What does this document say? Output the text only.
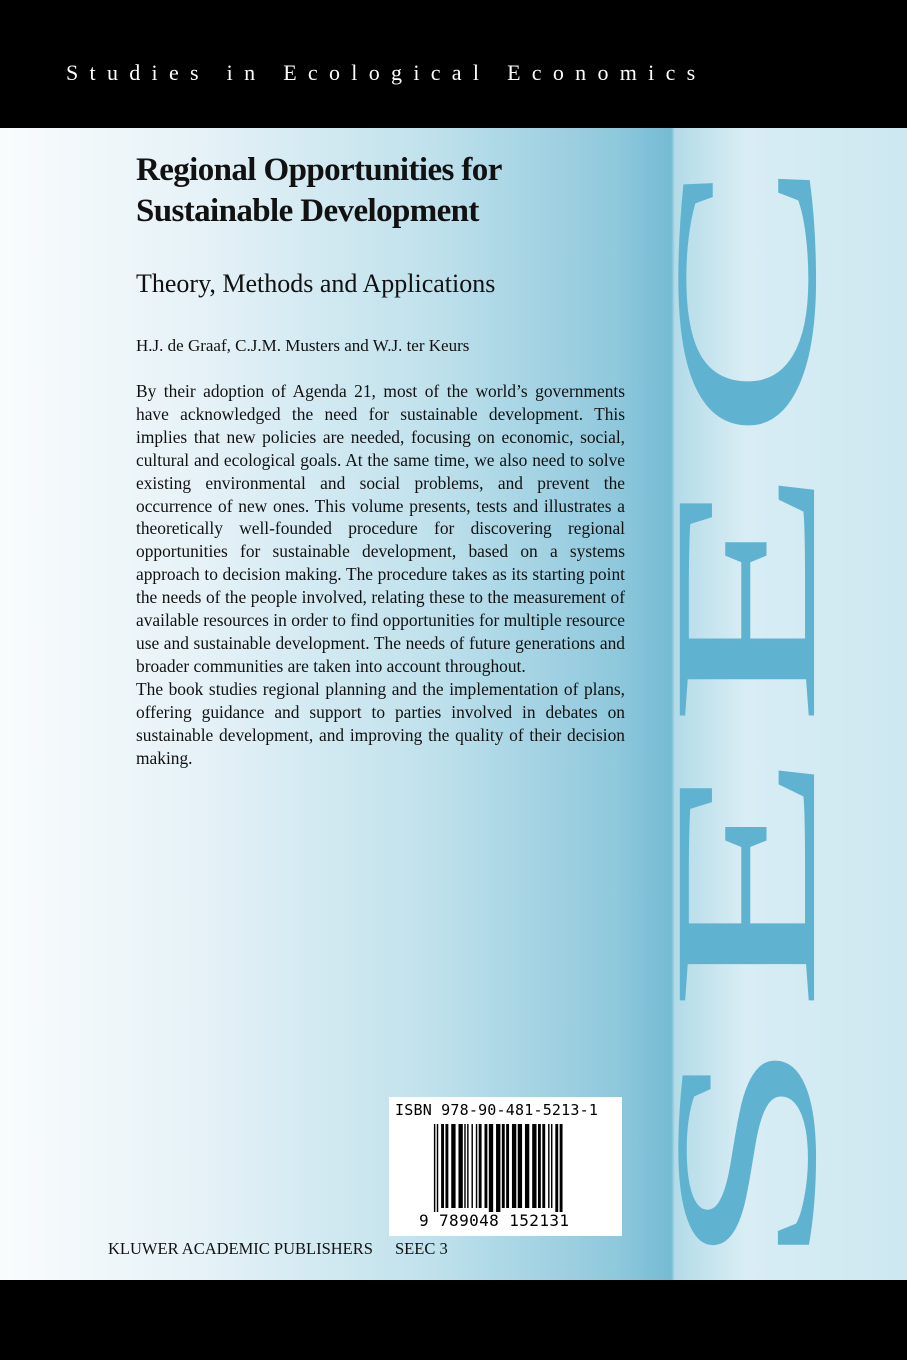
Studies in Ecological Economics
SEEC
Regional Opportunities for
Sustainable Development
Theory, Methods and Applications
H.J. de Graaf, C.J.M. Musters and W.J. ter Keurs

By their adoption of Agenda 21, most of the world’s governments have acknowledged the need for sustainable development. This implies that new policies are needed, focusing on economic, social, cultural and ecological goals. At the same time, we also need to solve existing environmental and social problems, and prevent the occurrence of new ones. This volume presents, tests and illustrates a theoretically well-founded procedure for discovering regional opportunities for sustainable development, based on a systems approach to decision making. The procedure takes as its starting point the needs of the people involved, relating these to the measurement of available resources in order to find opportunities for multiple resource use and sustainable development. The needs of future generations and broader communities are taken into account throughout.

The book studies regional planning and the implementation of plans, offering guidance and support to parties involved in debates on sustainable development, and improving the quality of their decision making.

ISBN 978-90-481-5213-1
9 789048 152131
KLUWER ACADEMIC PUBLISHERS SEEC 3
